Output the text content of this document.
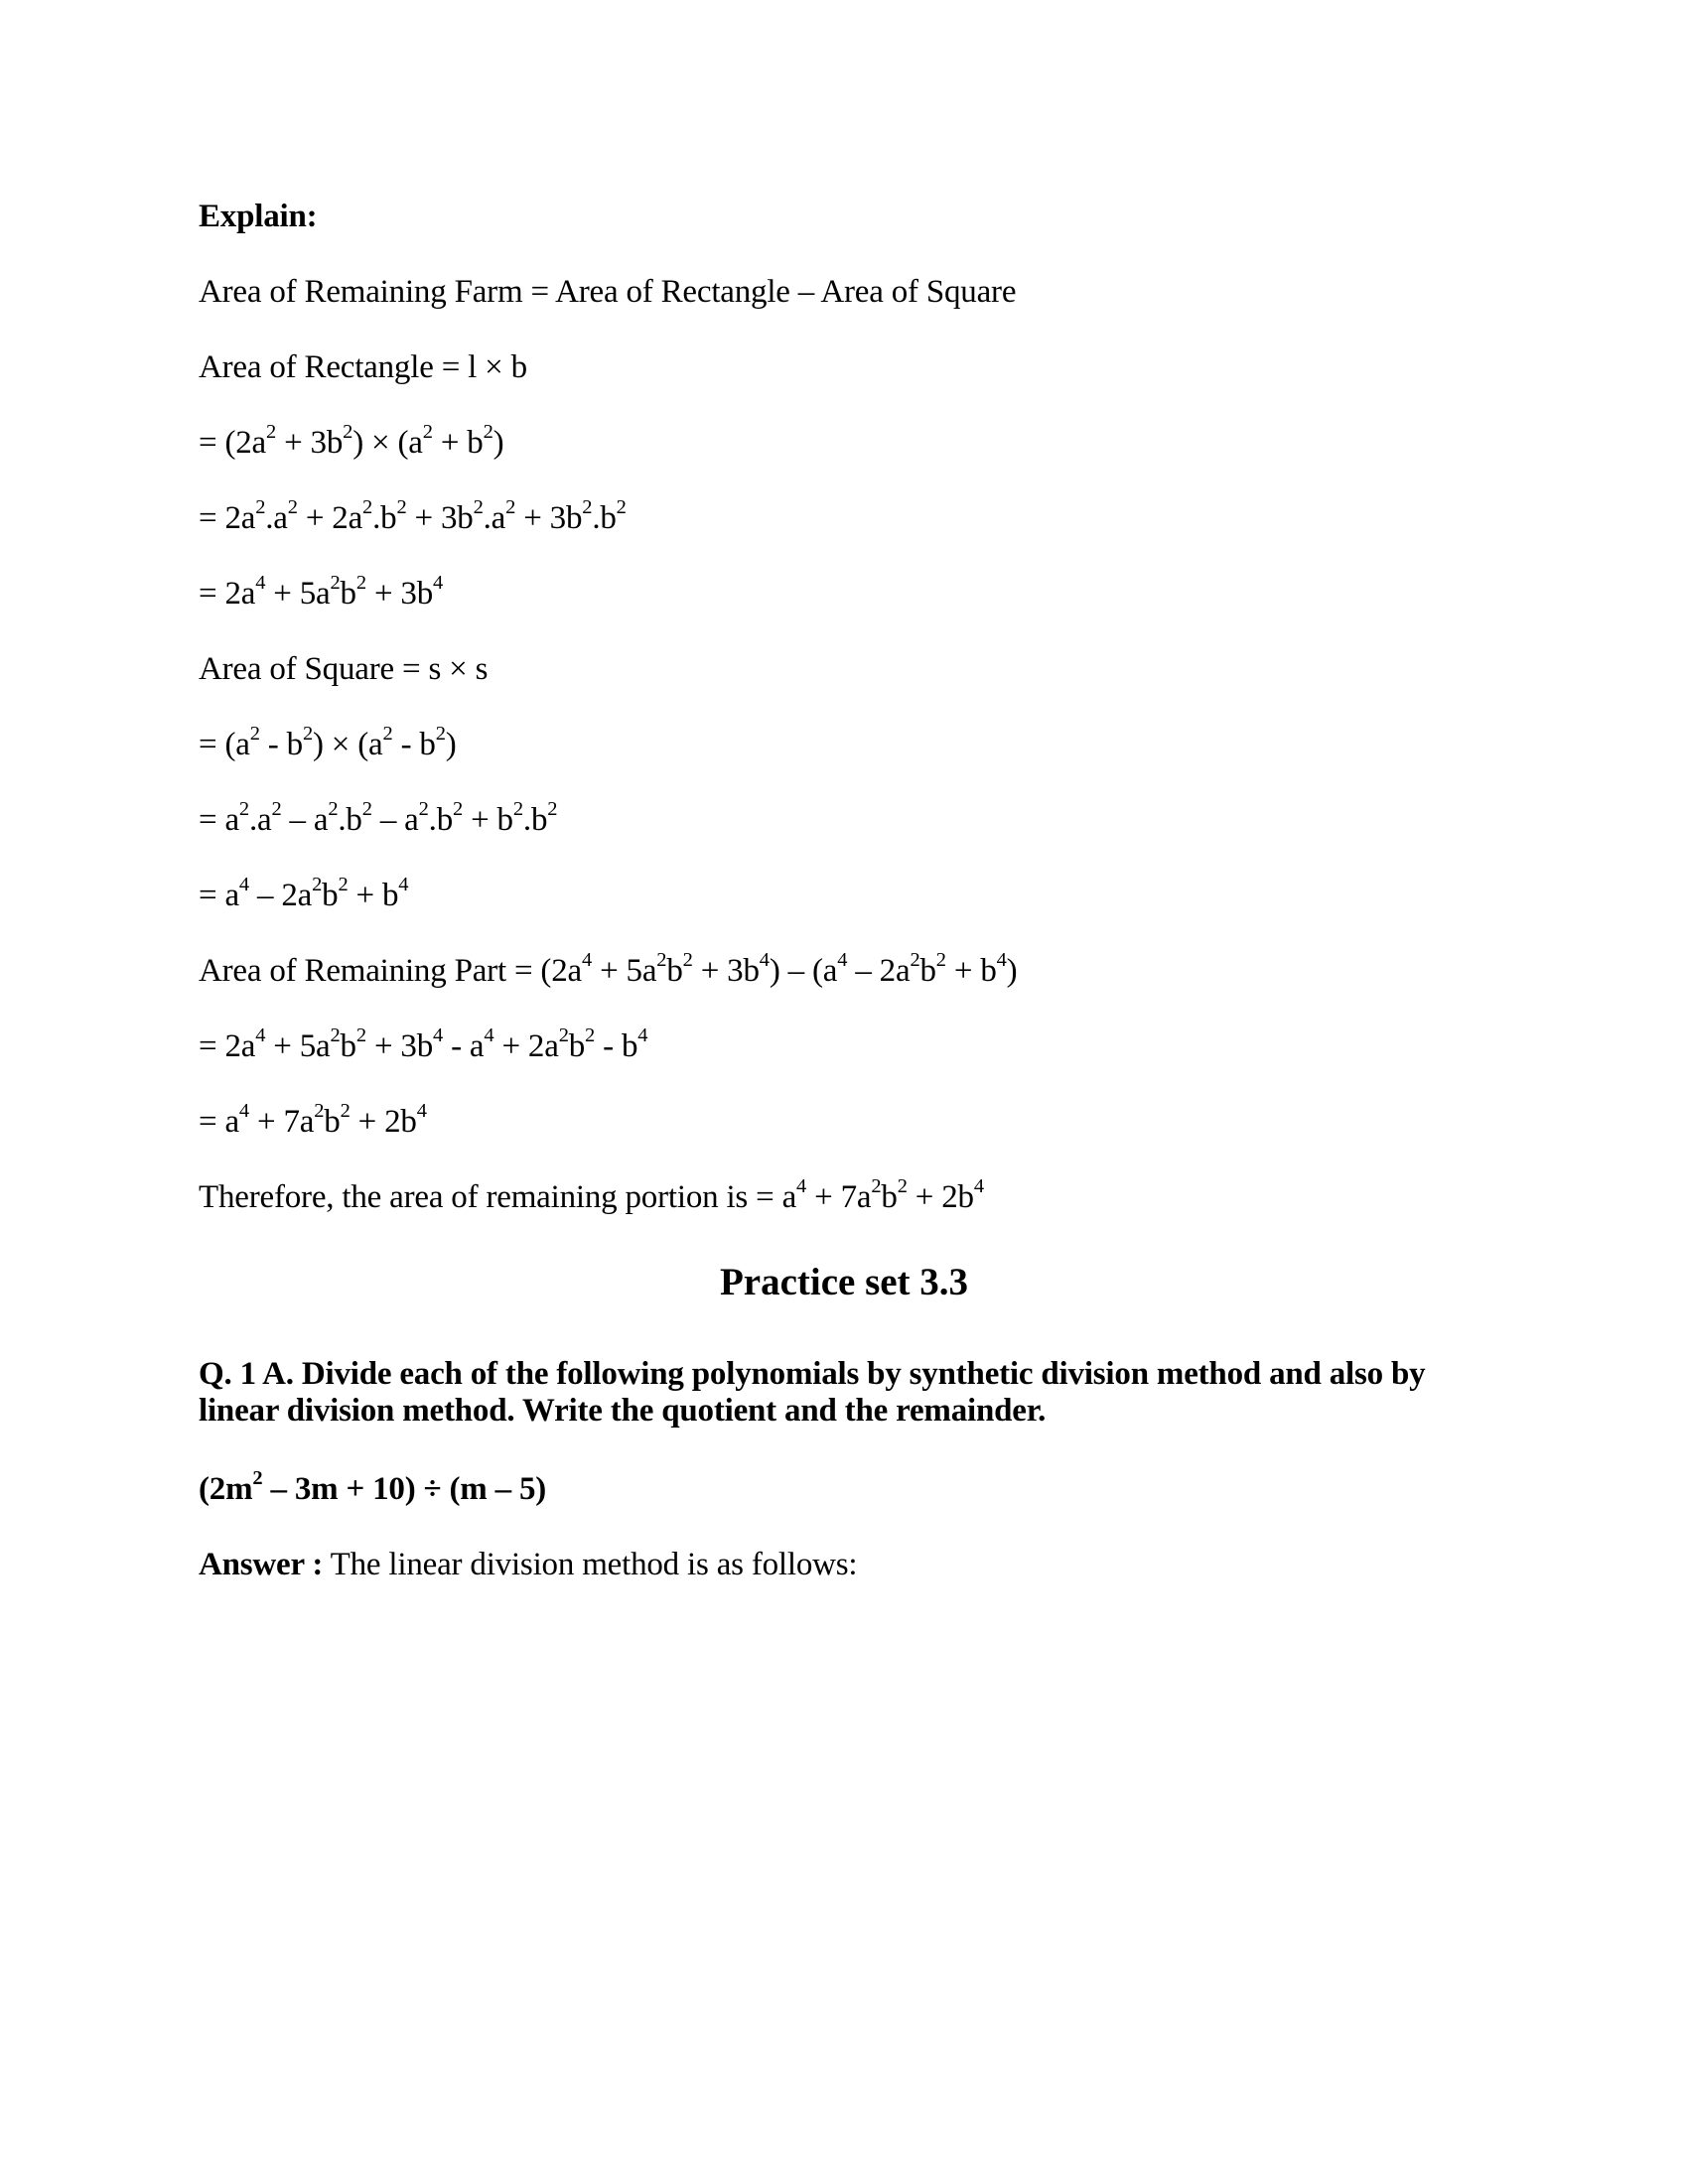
Explain:
Area of Remaining Farm = Area of Rectangle – Area of Square
Area of Rectangle = l × b
= $(2a^2 + 3b^2) \times (a^2 + b^2)$
= $2a^2.a^2 + 2a^2.b^2 + 3b^2.a^2 + 3b^2.b^2$
= $2a^4 + 5a^2b^2 + 3b^4$
Area of Square = s × s
= $(a^2 - b^2) \times (a^2 - b^2)$
= $a^2.a^2 - a^2.b^2 - a^2.b^2 + b^2.b^2$
= $a^4 - 2a^2b^2 + b^4$
Area of Remaining Part = $(2a^4 + 5a^2b^2 + 3b^4) - (a^4 - 2a^2b^2 + b^4)$
= $2a^4 + 5a^2b^2 + 3b^4 - a^4 + 2a^2b^2 - b^4$
= $a^4 + 7a^2b^2 + 2b^4$
Therefore, the area of remaining portion is = $a^4 + 7a^2b^2 + 2b^4$
Practice set 3.3
Q. 1 A. Divide each of the following polynomials by synthetic division method and also by linear division method. Write the quotient and the remainder.
$(2m^2 - 3m + 10) \div (m - 5)$
Answer : The linear division method is as follows:
